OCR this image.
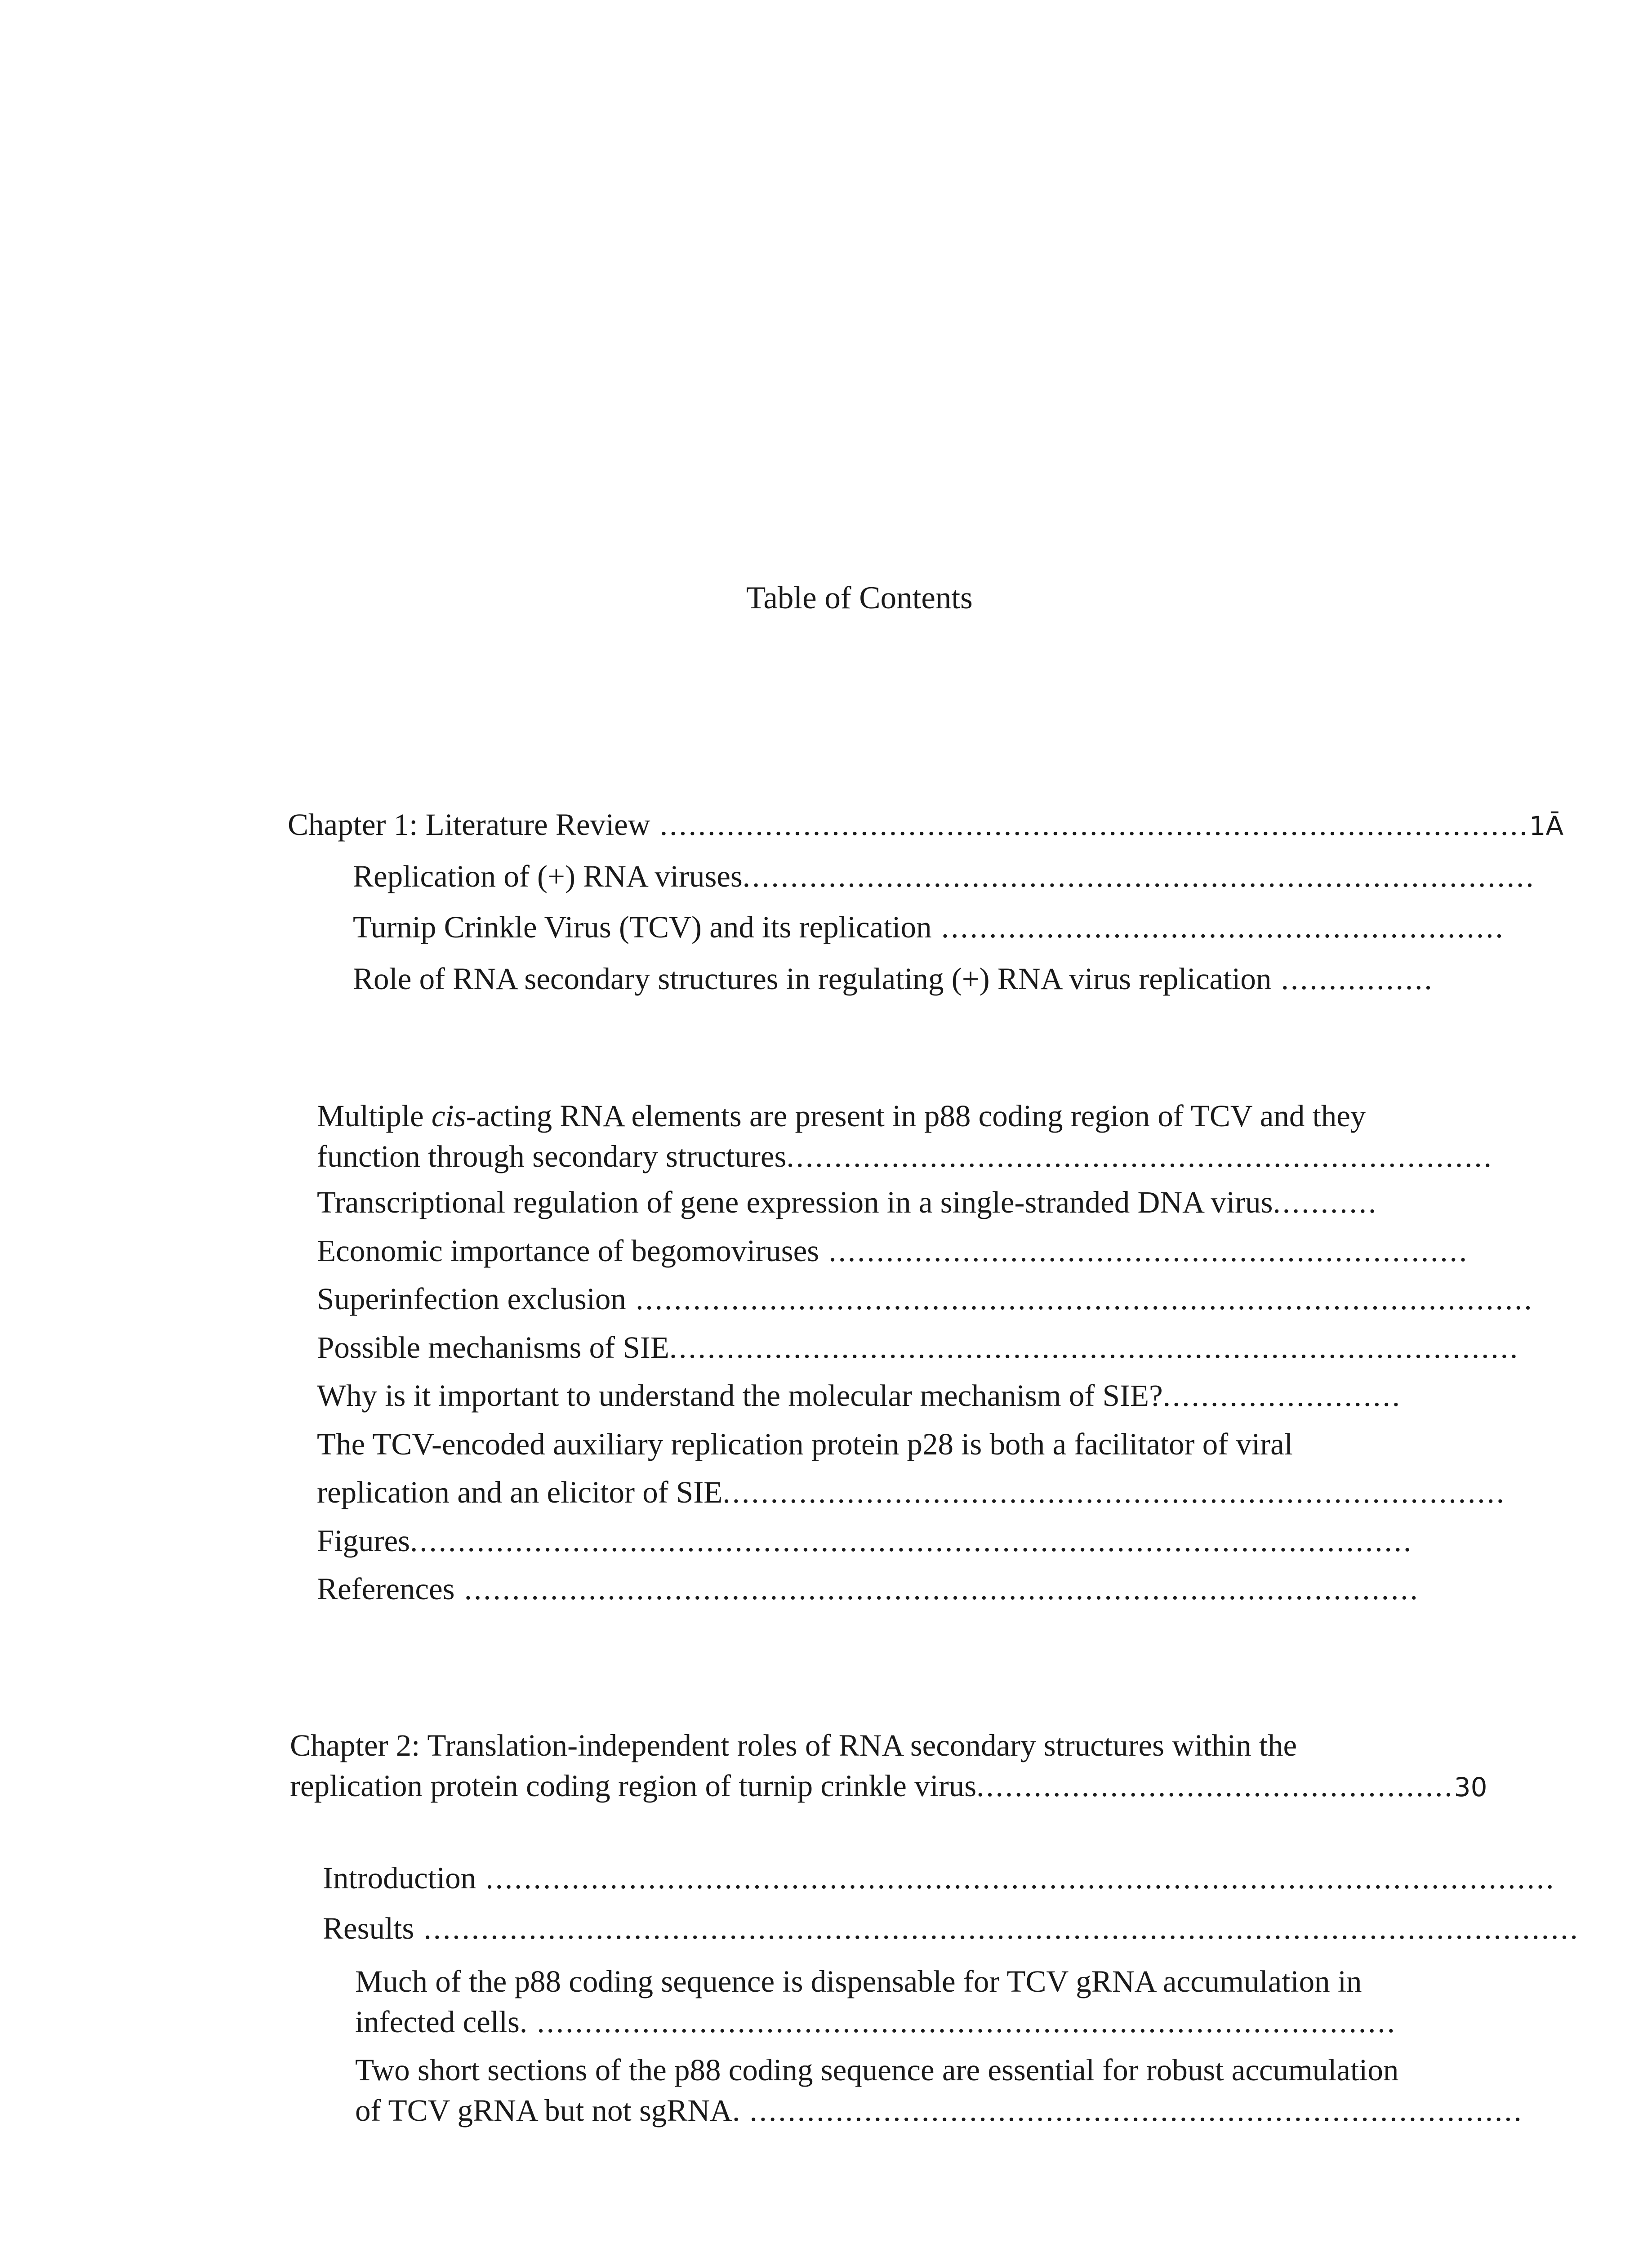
Table of Contents
Chapter 1: Literature Review ...........................................................................................1Ā
Replication of (+) RNA viruses...................................................................................
Turnip Crinkle Virus (TCV) and its replication ...........................................................
Role of RNA secondary structures in regulating (+) RNA virus replication ................
Multiple cis-acting RNA elements are present in p88 coding region of TCV and they
function through secondary structures..........................................................................
Transcriptional regulation of gene expression in a single-stranded DNA virus...........
Economic importance of begomoviruses ...................................................................
Superinfection exclusion ..............................................................................................
Possible mechanisms of SIE.........................................................................................
Why is it important to understand the molecular mechanism of SIE?.........................
The TCV-encoded auxiliary replication protein p28 is both a facilitator of viral
replication and an elicitor of SIE..................................................................................
Figures.........................................................................................................
References ....................................................................................................
Chapter 2: Translation-independent roles of RNA secondary structures within the
replication protein coding region of turnip crinkle virus..................................................30
Introduction ................................................................................................................
Results .........................................................................................................................
Much of the p88 coding sequence is dispensable for TCV gRNA accumulation in
infected cells. ..........................................................................................
Two short sections of the p88 coding sequence are essential for robust accumulation
of TCV gRNA but not sgRNA. .................................................................................
